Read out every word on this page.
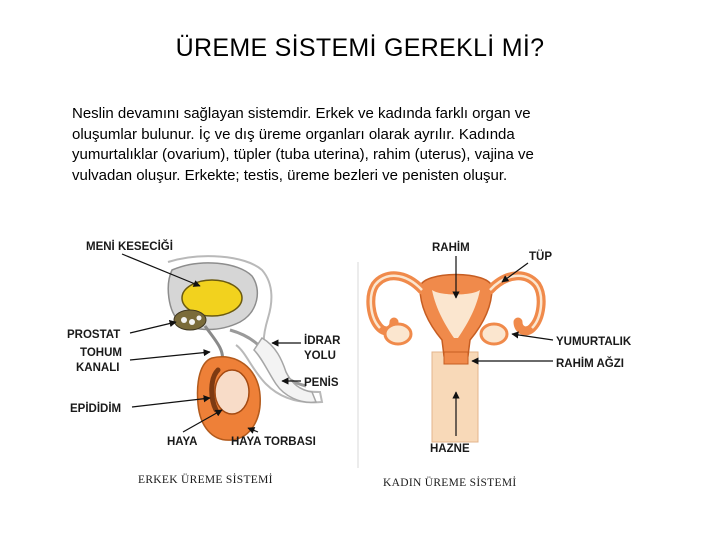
ÜREME SİSTEMİ GEREKLİ Mİ?
Neslin devamını sağlayan sistemdir. Erkek ve kadında farklı organ ve
oluşumlar bulunur. İç ve dış üreme organları olarak ayrılır. Kadında
yumurtalıklar (ovarium), tüpler (tuba uterina), rahim (uterus), vajina ve
vulvadan oluşur. Erkekte; testis, üreme bezleri ve penisten oluşur.
MENİ KESECİĞİ
PROSTAT
TOHUM
KANALI
EPİDİDİM
İDRAR
YOLU
PENİS
HAYA	HAYA TORBASI
ERKEK ÜREME SİSTEMİ
RAHİM
TÜP
YUMURTALIK
RAHİM AĞZI
HAZNE
KADIN ÜREME SİSTEMİ
